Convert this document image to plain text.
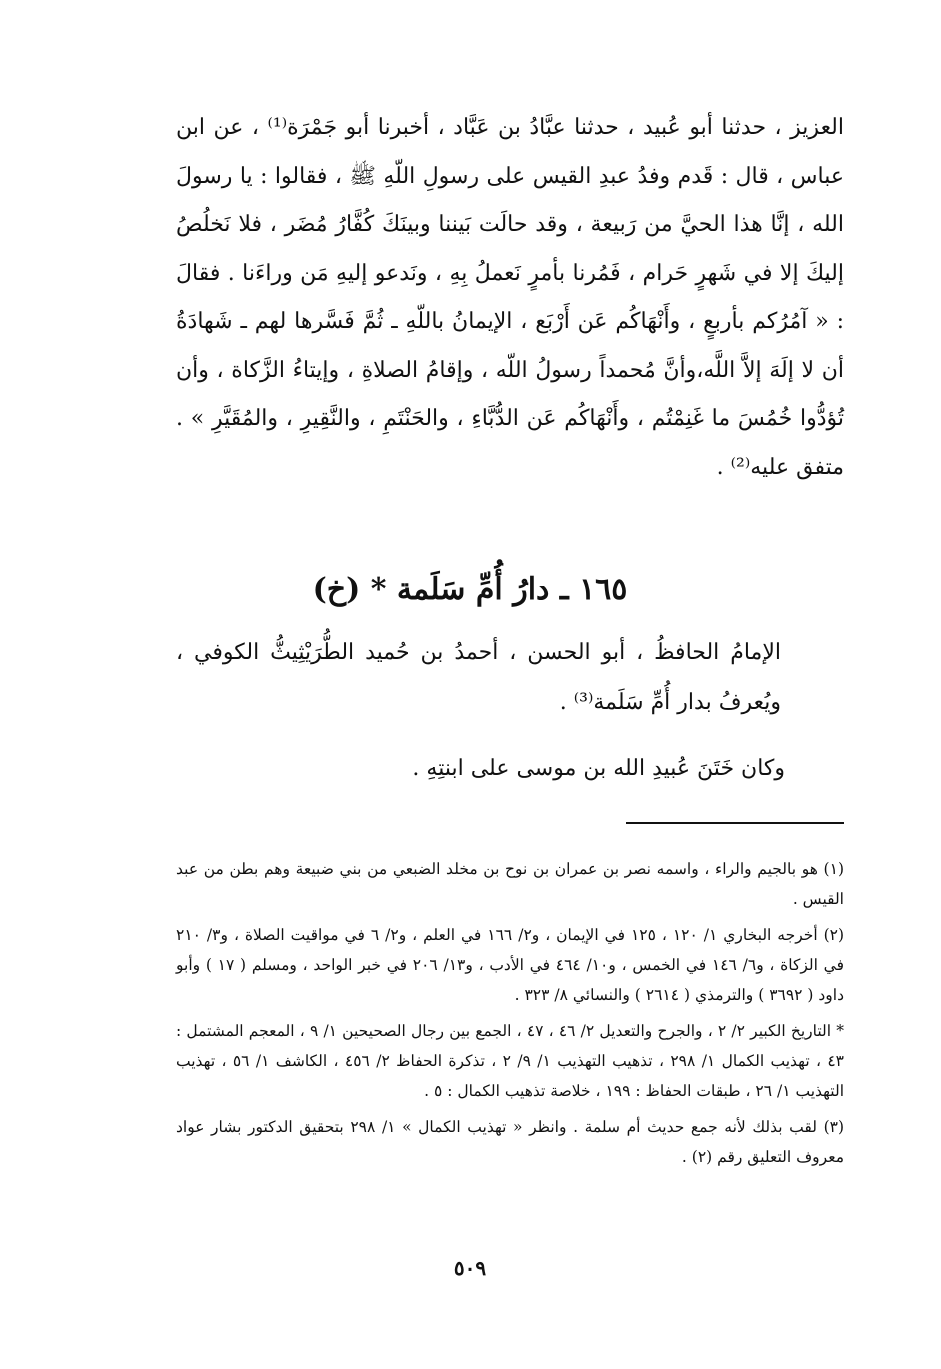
العزيز ، حدثنا أبو عُبيد ، حدثنا عبَّادُ بن عَبَّاد ، أخبرنا أبو جَمْرَة⁽¹⁾ ، عن ابن عباس ، قال : قَدم وفدُ عبدِ القيس على رسولِ اللّهِ ﷺ ، فقالوا : يا رسولَ الله ، إنَّا هذا الحيَّ من رَبيعة ، وقد حالَت بَيننا وبينَكَ كُفَّارُ مُضَر ، فلا نَخلُصُ إليكَ إلا في شَهرٍ حَرام ، فَمُرنا بأمرٍ نَعملُ بِهِ ، ونَدعو إليهِ مَن وراءَنا . فقالَ : « آمُرُكم بأربعٍ ، وأَنْهَاكُم عَن أَرْبَع ، الإيمانُ باللّهِ ـ ثُمَّ فَسَّرها لهم ـ شَهادَةُ أن لا إلَهَ إلاَّ اللَّه،وأنَّ مُحمداً رسولُ اللّه ، وإقامُ الصلاةِ ، وإيتاءُ الزَّكاة ، وأن تُؤدُّوا خُمُسَ ما غَنِمْتُم ، وأَنْهَاكُم عَن الدُّبَّاءِ ، والحَنْتَمِ ، والنَّقِيرِ ، والمُقَيَّرِ » . متفق عليه⁽²⁾ .

١٦٥ ـ دارُ أُمِّ سَلَمة * (خ)

الإمامُ الحافظُ ، أبو الحسن ، أحمدُ بن حُميد الطُّرَيْثِيثُّ الكوفي ، ويُعرفُ بدار أُمِّ سَلَمة⁽³⁾ .

وكان خَتَنَ عُبيدِ الله بن موسى على ابنتِهِ .

(١) هو بالجيم والراء ، واسمه نصر بن عمران بن نوح بن مخلد الضبعي من بني ضبيعة وهم بطن من عبد القيس .

(٢) أخرجه البخاري ١/ ١٢٠ ، ١٢٥ في الإيمان ، و٢/ ١٦٦ في العلم ، و٢/ ٦ في مواقيت الصلاة ، و٣/ ٢١٠ في الزكاة ، و٦/ ١٤٦ في الخمس ، و١٠/ ٤٦٤ في الأدب ، و١٣/ ٢٠٦ في خبر الواحد ، ومسلم ( ١٧ ) وأبو داود ( ٣٦٩٢ ) والترمذي ( ٢٦١٤ ) والنسائي ٨/ ٣٢٣ .

* التاريخ الكبير ٢/ ٢ ، والجرح والتعديل ٢/ ٤٦ ، ٤٧ ، الجمع بين رجال الصحيحين ١/ ٩ ، المعجم المشتمل : ٤٣ ، تهذيب الكمال ١/ ٢٩٨ ، تذهيب التهذيب ١/ ٩/ ٢ ، تذكرة الحفاظ ٢/ ٤٥٦ ، الكاشف ١/ ٥٦ ، تهذيب التهذيب ١/ ٢٦ ، طبقات الحفاظ : ١٩٩ ، خلاصة تذهيب الكمال : ٥ .

(٣) لقب بذلك لأنه جمع حديث أم سلمة . وانظر « تهذيب الكمال » ١/ ٢٩٨ بتحقيق الدكتور بشار عواد معروف التعليق رقم (٢) .

٥٠٩
